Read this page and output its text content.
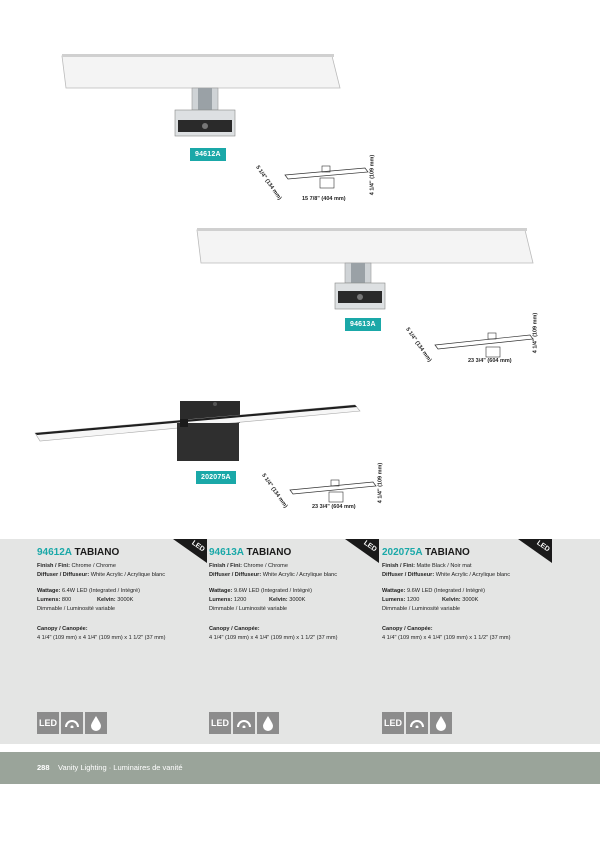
94612A
5 1/4" (134 mm)	15 7/8" (404 mm)
4 1/4" (109 mm)
94613A
5 1/4" (134 mm)	23 3/4" (604 mm)
4 1/4" (109 mm)
202075A	5 1/4" (134 mm)	23 3/4" (604 mm)
4 1/4" (109 mm)
LED
94612A TABIANO
Finish / Fini: Chrome / Chrome
Diffuser / Diffuseur: White Acrylic / Acrylique blanc
Wattage: 6.4W LED (Integrated / Intégré)
Lumens: 800	Kelvin: 3000K
Dimmable / Luminosité variable
Canopy / Canopée:
4 1/4" (109 mm) x 4 1/4" (109 mm) x 1 1/2" (37 mm)
LED
94613A TABIANO
Finish / Fini: Chrome / Chrome
Diffuser / Diffuseur: White Acrylic / Acrylique blanc
Wattage: 9.6W LED (Integrated / Intégré)
Lumens: 1200	Kelvin: 3000K
Dimmable / Luminosité variable
Canopy / Canopée:
4 1/4" (109 mm) x 4 1/4" (109 mm) x 1 1/2" (37 mm)
LED
202075A TABIANO
Finish / Fini: Matte Black / Noir mat
Diffuser / Diffuseur: White Acrylic / Acrylique blanc
Wattage: 9.6W LED (Integrated / Intégré)
Lumens: 1200	Kelvin: 3000K
Dimmable / Luminosité variable
Canopy / Canopée:
4 1/4" (109 mm) x 4 1/4" (109 mm) x 1 1/2" (37 mm)
LED	LED	LED
288 Vanity Lighting · Luminaires de vanité
